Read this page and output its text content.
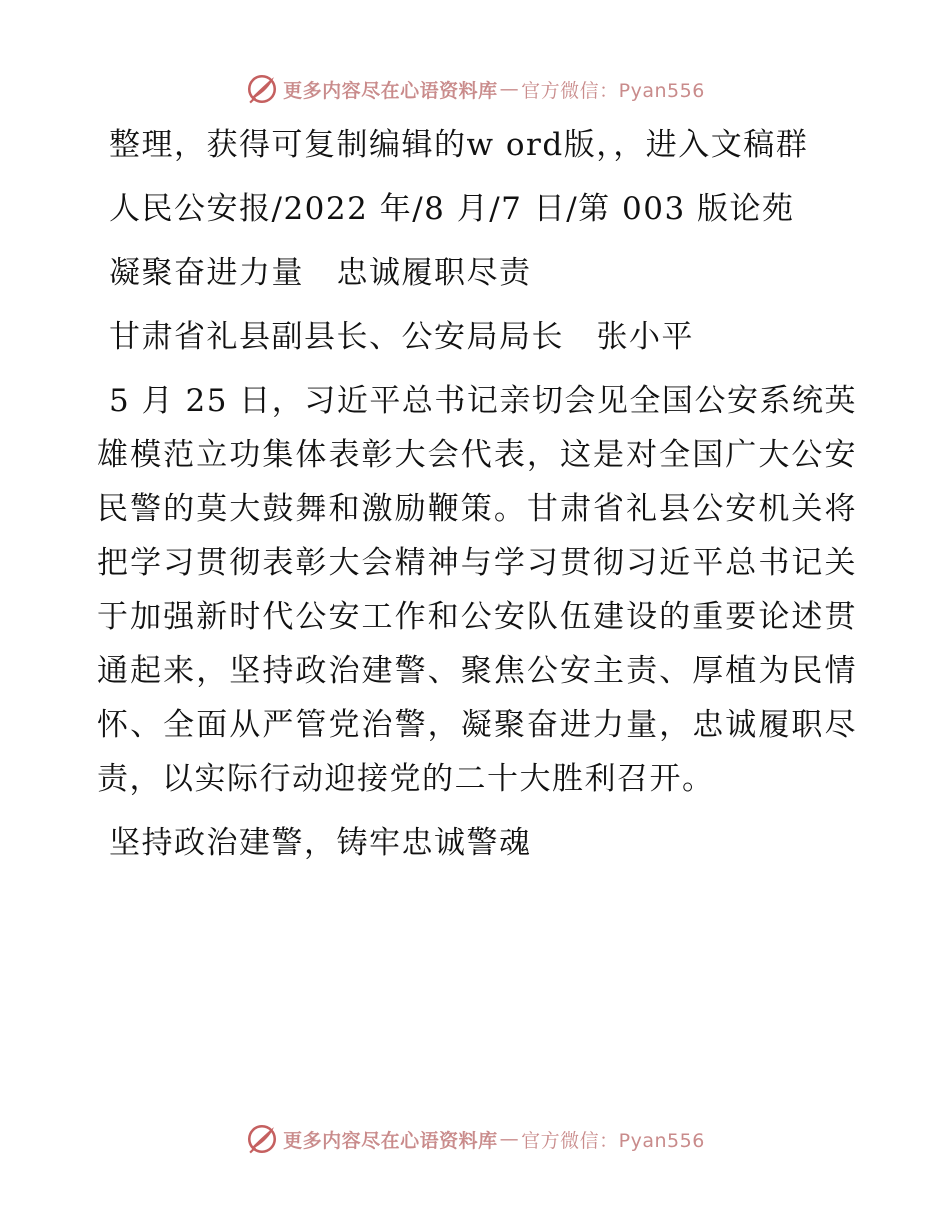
更多内容尽在心语资料库 — 官方微信：Pyan556

整理，获得可复制编辑的w ord版，，进入文稿群

人民公安报/2022 年/8 月/7 日/第 003 版论苑

凝聚奋进力量　忠诚履职尽责

甘肃省礼县副县长、公安局局长　张小平

5 月 25 日，习近平总书记亲切会见全国公安系统英雄模范立功集体表彰大会代表，这是对全国广大公安民警的莫大鼓舞和激励鞭策。甘肃省礼县公安机关将把学习贯彻表彰大会精神与学习贯彻习近平总书记关于加强新时代公安工作和公安队伍建设的重要论述贯通起来，坚持政治建警、聚焦公安主责、厚植为民情怀、全面从严管党治警，凝聚奋进力量，忠诚履职尽责，以实际行动迎接党的二十大胜利召开。

坚持政治建警，铸牢忠诚警魂

更多内容尽在心语资料库 — 官方微信：Pyan556
